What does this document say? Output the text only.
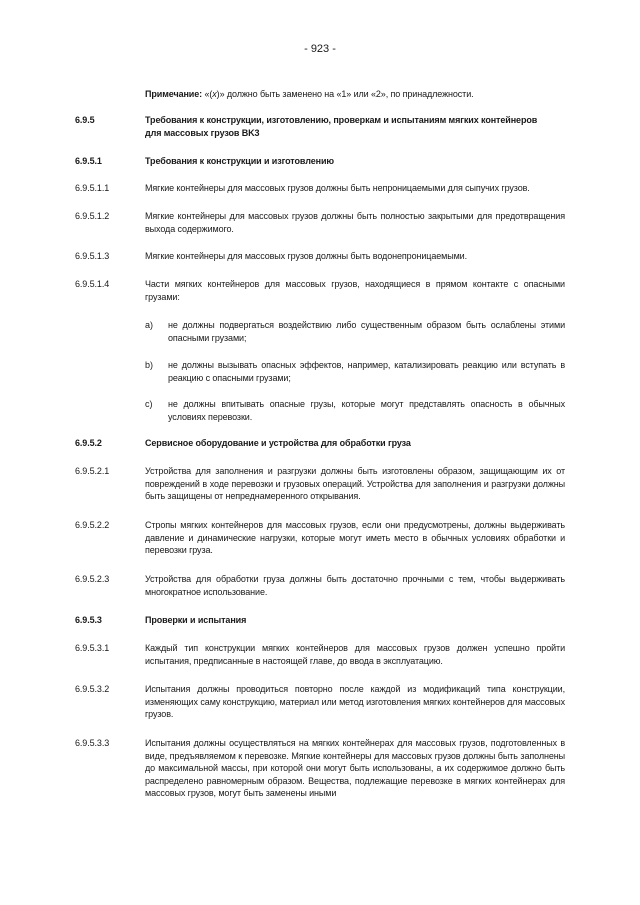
- 923 -
Примечание: «(x)» должно быть заменено на «1» или «2», по принадлежности.
6.9.5	Требования к конструкции, изготовлению, проверкам и испытаниям мягких контейнеров для массовых грузов BK3
6.9.5.1	Требования к конструкции и изготовлению
6.9.5.1.1	Мягкие контейнеры для массовых грузов должны быть непроницаемыми для сыпучих грузов.
6.9.5.1.2	Мягкие контейнеры для массовых грузов должны быть полностью закрытыми для предотвращения выхода содержимого.
6.9.5.1.3	Мягкие контейнеры для массовых грузов должны быть водонепроницаемыми.
6.9.5.1.4	Части мягких контейнеров для массовых грузов, находящиеся в прямом контакте с опасными грузами:
a) не должны подвергаться воздействию либо существенным образом быть ослаблены этими опасными грузами;
b) не должны вызывать опасных эффектов, например, катализировать реакцию или вступать в реакцию с опасными грузами;
c) не должны впитывать опасные грузы, которые могут представлять опасность в обычных условиях перевозки.
6.9.5.2	Сервисное оборудование и устройства для обработки груза
6.9.5.2.1	Устройства для заполнения и разгрузки должны быть изготовлены образом, защищающим их от повреждений в ходе перевозки и грузовых операций. Устройства для заполнения и разгрузки должны быть защищены от непреднамеренного открывания.
6.9.5.2.2	Стропы мягких контейнеров для массовых грузов, если они предусмотрены, должны выдерживать давление и динамические нагрузки, которые могут иметь место в обычных условиях обработки и перевозки груза.
6.9.5.2.3	Устройства для обработки груза должны быть достаточно прочными с тем, чтобы выдерживать многократное использование.
6.9.5.3	Проверки и испытания
6.9.5.3.1	Каждый тип конструкции мягких контейнеров для массовых грузов должен успешно пройти испытания, предписанные в настоящей главе, до ввода в эксплуатацию.
6.9.5.3.2	Испытания должны проводиться повторно после каждой из модификаций типа конструкции, изменяющих саму конструкцию, материал или метод изготовления мягких контейнеров для массовых грузов.
6.9.5.3.3	Испытания должны осуществляться на мягких контейнерах для массовых грузов, подготовленных в виде, предъявляемом к перевозке. Мягкие контейнеры для массовых грузов должны быть заполнены до максимальной массы, при которой они могут быть использованы, а их содержимое должно быть распределено равномерным образом. Вещества, подлежащие перевозке в мягких контейнерах для массовых грузов, могут быть заменены иными
